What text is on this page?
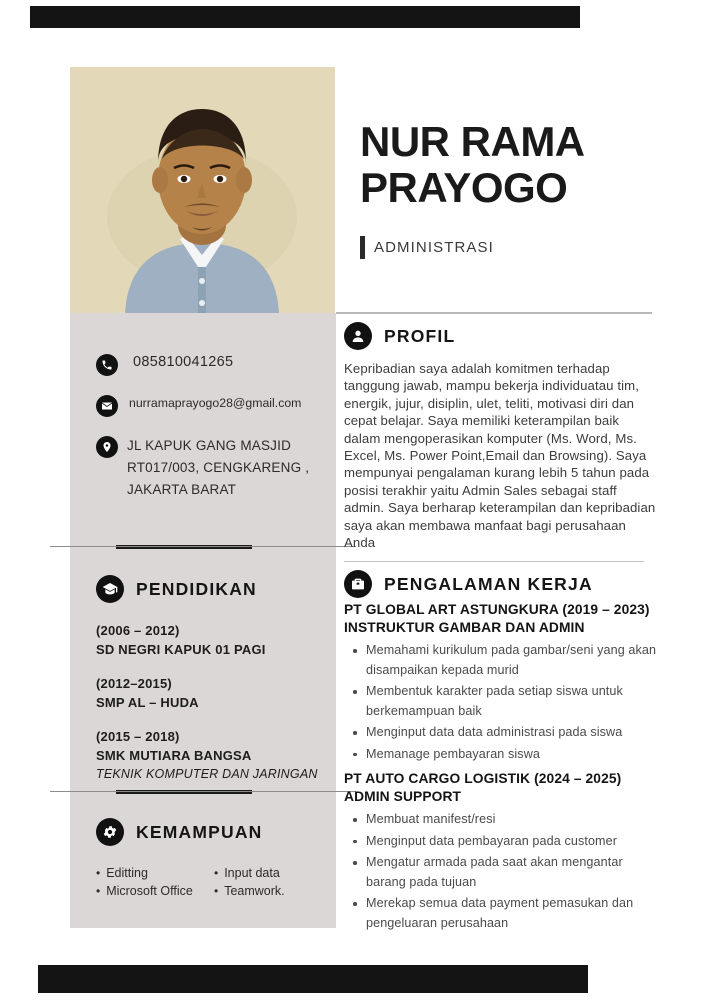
NUR RAMA
PRAYOGO
ADMINISTRASI
085810041265
nurramaprayogo28@gmail.com
JL KAPUK GANG MASJID
RT017/003, CENGKARENG ,
JAKARTA BARAT
PENDIDIKAN
(2006 – 2012)
SD NEGRI KAPUK 01 PAGI
(2012–2015)
SMP AL – HUDA
(2015 – 2018)
SMK MUTIARA BANGSA
TEKNIK KOMPUTER DAN JARINGAN
KEMAMPUAN
• Editting	• Input data
• Microsoft Office • Teamwork.
PROFIL

Kepribadian saya adalah komitmen terhadap tanggung jawab, mampu bekerja individuatau tim, energik, jujur, disiplin, ulet, teliti, motivasi diri dan cepat belajar. Saya memiliki keterampilan baik dalam mengoperasikan komputer (Ms. Word, Ms. Excel, Ms. Power Point,Email dan Browsing). Saya mempunyai pengalaman kurang lebih 5 tahun pada posisi terakhir yaitu Admin Sales sebagai staff admin. Saya berharap keterampilan dan kepribadian saya akan membawa manfaat bagi perusahaan Anda

PENGALAMAN KERJA
PT GLOBAL ART ASTUNGKURA (2019 – 2023) INSTRUKTUR GAMBAR DAN ADMIN
Memahami kurikulum pada gambar/seni yang akan disampaikan kepada murid
Membentuk karakter pada setiap siswa untuk berkemampuan baik
Menginput data data administrasi pada siswa
Memanage pembayaran siswa
PT AUTO CARGO LOGISTIK (2024 – 2025) ADMIN SUPPORT
Membuat manifest/resi
Menginput data pembayaran pada customer
Mengatur armada pada saat akan mengantar barang pada tujuan
Merekap semua data payment pemasukan dan pengeluaran perusahaan
